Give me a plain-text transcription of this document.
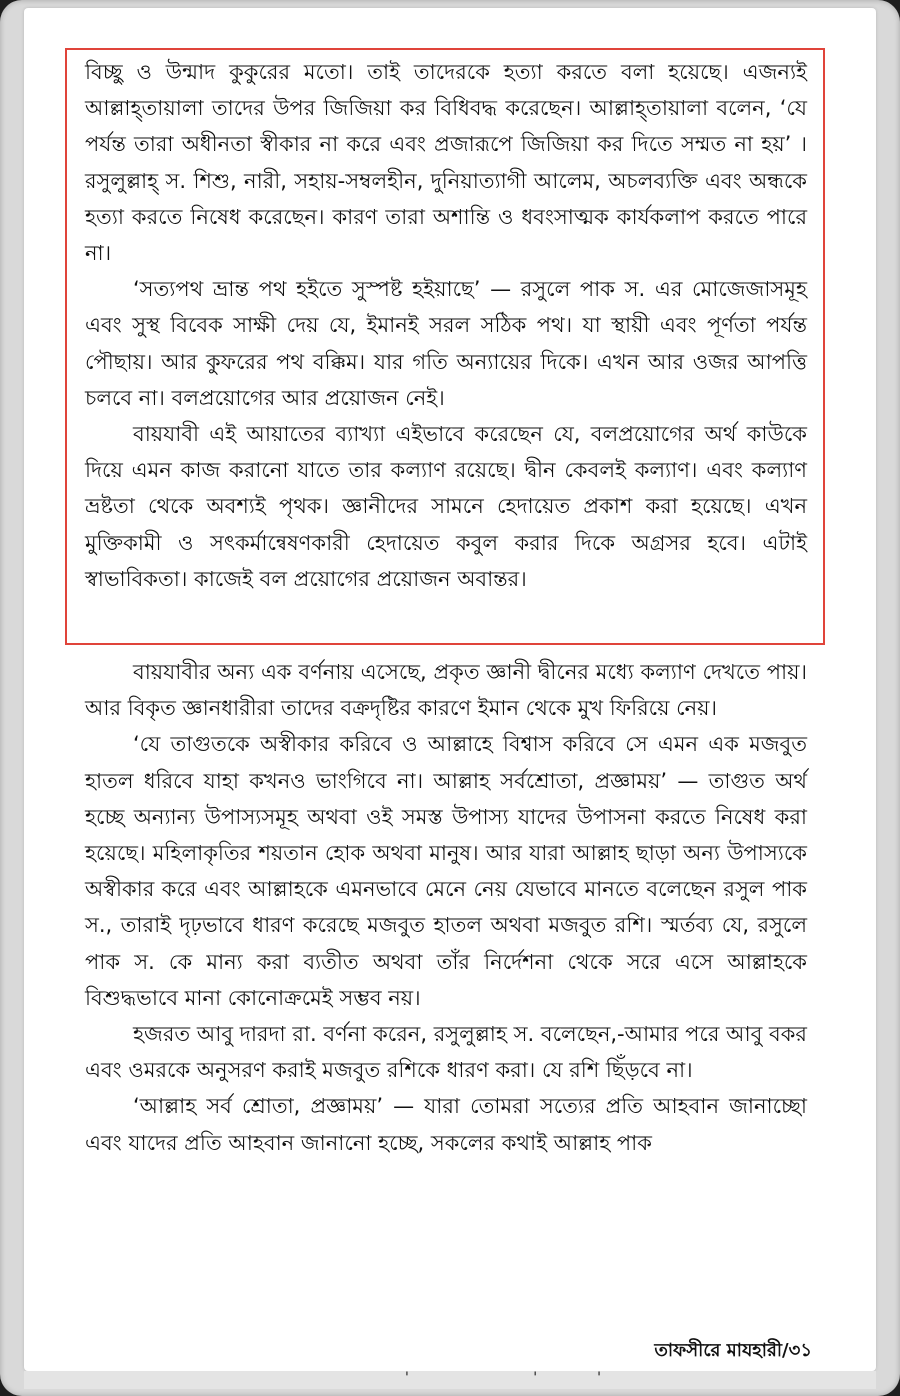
বিচ্ছু ও উন্মাদ কুকুরের মতো। তাই তাদেরকে হত্যা করতে বলা হয়েছে। এজন্যই আল্লাহ্তায়ালা তাদের উপর জিজিয়া কর বিধিবদ্ধ করেছেন। আল্লাহ্তায়ালা বলেন, ‘যে পর্যন্ত তারা অধীনতা স্বীকার না করে এবং প্রজারূপে জিজিয়া কর দিতে সম্মত না হয়’ । রসুলুল্লাহ্ স. শিশু, নারী, সহায়-সম্বলহীন, দুনিয়াত্যাগী আলেম, অচলব্যক্তি এবং অন্ধকে হত্যা করতে নিষেধ করেছেন। কারণ তারা অশান্তি ও ধবংসাত্মক কার্যকলাপ করতে পারে না।

‘সত্যপথ ভ্রান্ত পথ হইতে সুস্পষ্ট হইয়াছে’ — রসুলে পাক স. এর মোজেজাসমূহ এবং সুস্থ বিবেক সাক্ষী দেয় যে, ইমানই সরল সঠিক পথ। যা স্থায়ী এবং পূর্ণতা পর্যন্ত পৌছায়। আর কুফরের পথ বক্কিম। যার গতি অন্যায়ের দিকে। এখন আর ওজর আপত্তি চলবে না। বলপ্রয়োগের আর প্রয়োজন নেই।

বায়যাবী এই আয়াতের ব্যাখ্যা এইভাবে করেছেন যে, বলপ্রয়োগের অর্থ কাউকে দিয়ে এমন কাজ করানো যাতে তার কল্যাণ রয়েছে। দ্বীন কেবলই কল্যাণ। এবং কল্যাণ ভ্রষ্টতা থেকে অবশ্যই পৃথক। জ্ঞানীদের সামনে হেদায়েত প্রকাশ করা হয়েছে। এখন মুক্তিকামী ও সৎকর্মান্বেষণকারী হেদায়েত কবুল করার দিকে অগ্রসর হবে। এটাই স্বাভাবিকতা। কাজেই বল প্রয়োগের প্রয়োজন অবান্তর।

বায়যাবীর অন্য এক বর্ণনায় এসেছে, প্রকৃত জ্ঞানী দ্বীনের মধ্যে কল্যাণ দেখতে পায়। আর বিকৃত জ্ঞানধারীরা তাদের বক্রদৃষ্টির কারণে ইমান থেকে মুখ ফিরিয়ে নেয়।

‘যে তাগুতকে অস্বীকার করিবে ও আল্লাহে বিশ্বাস করিবে সে এমন এক মজবুত হাতল ধরিবে যাহা কখনও ভাংগিবে না। আল্লাহ সর্বশ্রোতা, প্রজ্ঞাময়’ — তাগুত অর্থ হচ্ছে অন্যান্য উপাস্যসমূহ অথবা ওই সমস্ত উপাস্য যাদের উপাসনা করতে নিষেধ করা হয়েছে। মহিলাকৃতির শয়তান হোক অথবা মানুষ। আর যারা আল্লাহ ছাড়া অন্য উপাস্যকে অস্বীকার করে এবং আল্লাহকে এমনভাবে মেনে নেয় যেভাবে মানতে বলেছেন রসুল পাক স., তারাই দৃঢ়ভাবে ধারণ করেছে মজবুত হাতল অথবা মজবুত রশি। স্মর্তব্য যে, রসুলে পাক স. কে মান্য করা ব্যতীত অথবা তাঁর নির্দেশনা থেকে সরে এসে আল্লাহকে বিশুদ্ধভাবে মানা কোনোক্রমেই সম্ভব নয়।

হজরত আবু দারদা রা. বর্ণনা করেন, রসুলুল্লাহ স. বলেছেন,-আমার পরে আবু বকর এবং ওমরকে অনুসরণ করাই মজবুত রশিকে ধারণ করা। যে রশি ছিঁড়বে না।

‘আল্লাহ সর্ব শ্রোতা, প্রজ্ঞাময়’ — যারা তোমরা সত্যের প্রতি আহবান জানাচ্ছো এবং যাদের প্রতি আহবান জানানো হচ্ছে, সকলের কথাই আল্লাহ পাক

তাফসীরে মাযহারী/৩১
' ''
